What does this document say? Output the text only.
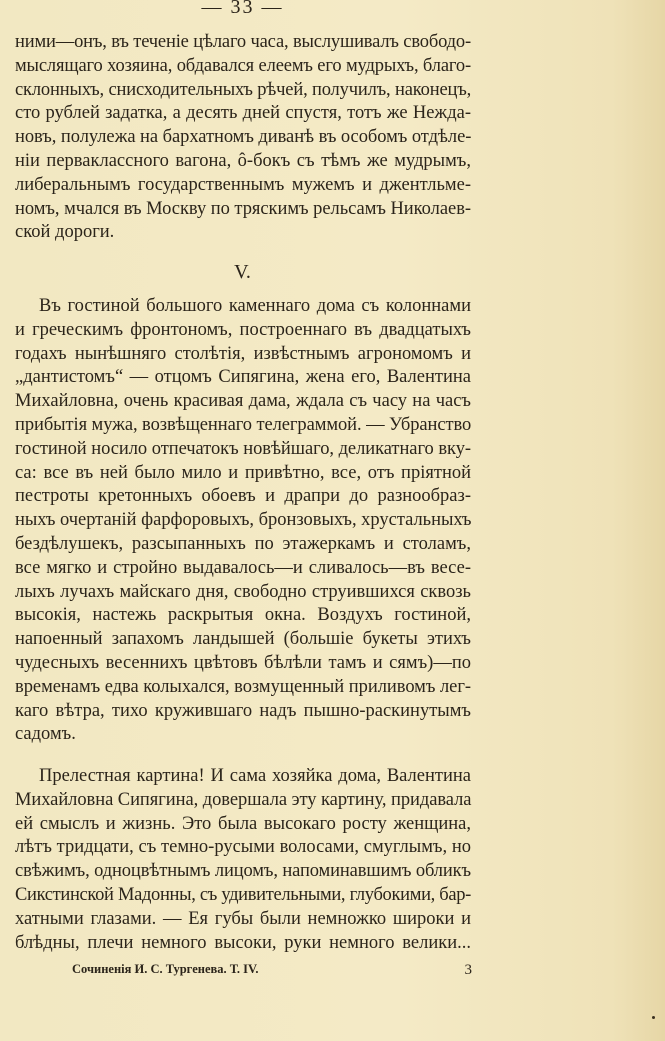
— 33 —
ними—онъ, въ теченіе цѣлаго часа, выслушивалъ свободо-
мыслящаго хозяина, обдавался елеемъ его мудрыхъ, благо-
склонныхъ, снисходительныхъ рѣчей, получилъ, наконецъ,
сто рублей задатка, а десять дней спустя, тотъ же Нежда-
новъ, полулежа на бархатномъ диванѣ въ особомъ отдѣле-
ніи перваклассного вагона, ô-бокъ съ тѣмъ же мудрымъ,
либеральнымъ государственнымъ мужемъ и джентльме-
номъ, мчался въ Москву по тряскимъ рельсамъ Николаев-
ской дороги.
V.
Въ гостиной большого каменнаго дома съ колоннами
и греческимъ фронтономъ, построеннаго въ двадцатыхъ
годахъ нынѣшняго столѣтія, извѣстнымъ агрономомъ и
„дантистомъ“ — отцомъ Сипягина, жена его, Валентина
Михайловна, очень красивая дама, ждала съ часу на часъ
прибытія мужа, возвѣщеннаго телеграммой. — Убранство
гостиной носило отпечатокъ новѣйшаго, деликатнаго вку-
са: все въ ней было мило и привѣтно, все, отъ пріятной
пестроты кретонныхъ обоевъ и драпри до разнообраз-
ныхъ очертаній фарфоровыхъ, бронзовыхъ, хрустальныхъ
бездѣлушекъ, разсыпанныхъ по этажеркамъ и столамъ,
все мягко и стройно выдавалось—и сливалось—въ весе-
лыхъ лучахъ майскаго дня, свободно струившихся сквозь
высокія, настежь раскрытыя окна. Воздухъ гостиной,
напоенный запахомъ ландышей (большіе букеты этихъ
чудесныхъ весеннихъ цвѣтовъ бѣлѣли тамъ и сямъ)—по
временамъ едва колыхался, возмущенный приливомъ лег-
каго вѣтра, тихо кружившаго надъ пышно-раскинутымъ
садомъ.
Прелестная картина! И сама хозяйка дома, Валентина
Михайловна Сипягина, довершала эту картину, придавала
ей смыслъ и жизнь. Это была высокаго росту женщина,
лѣтъ тридцати, съ темно-русыми волосами, смуглымъ, но
свѣжимъ, одноцвѣтнымъ лицомъ, напоминавшимъ обликъ
Сикстинской Мадонны, съ удивительными, глубокими, бар-
хатными глазами. — Ея губы были немножко широки и
блѣдны, плечи немного высоки, руки немного велики...
Сочиненія И. С. Тургенева. Т. IV.	3
